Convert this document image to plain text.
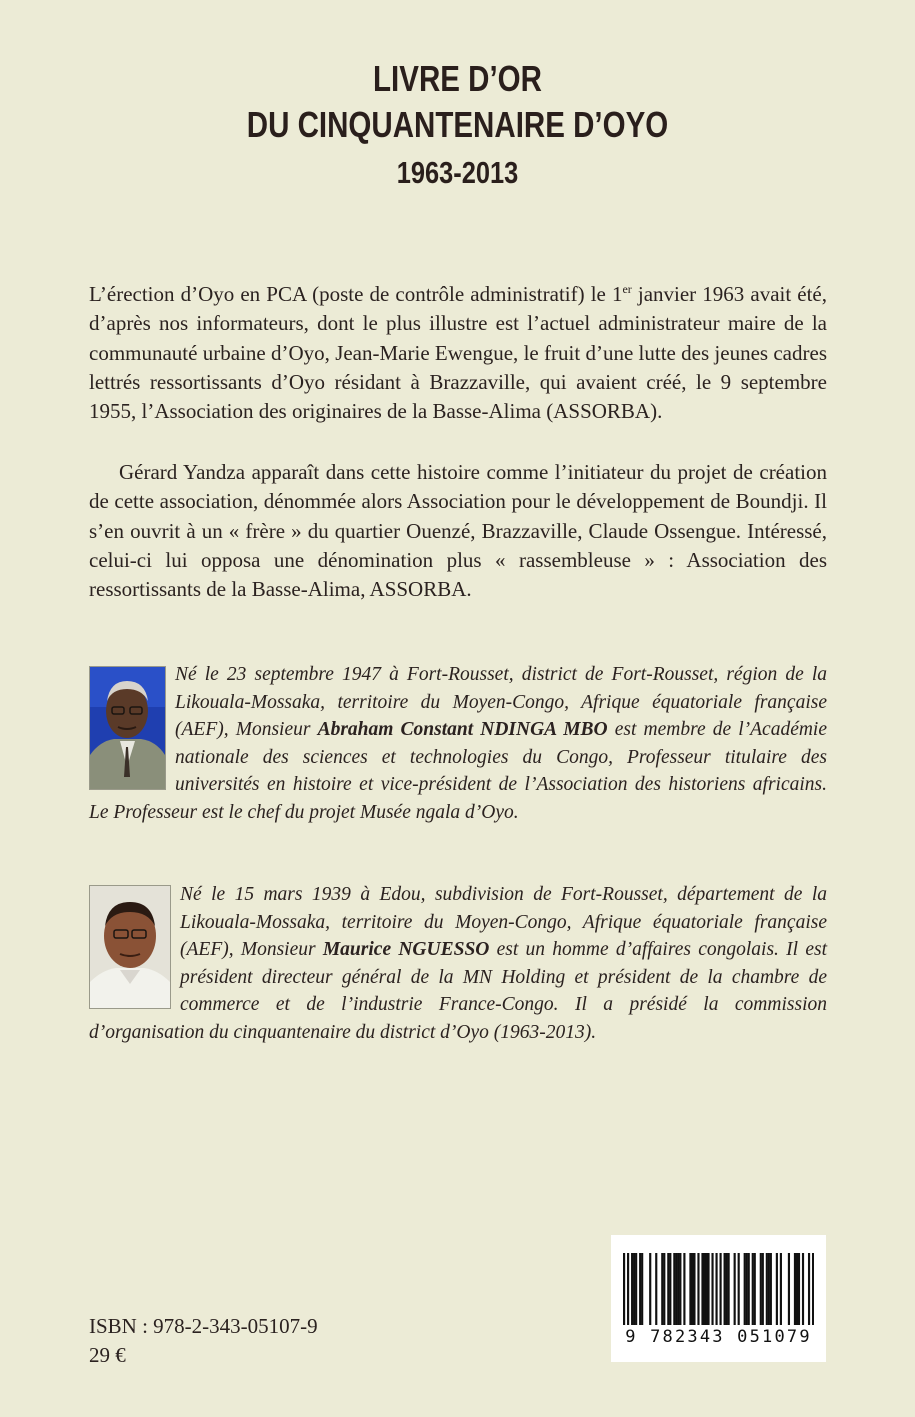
LIVRE D’OR
DU CINQUANTENAIRE D’OYO
1963-2013
L’érection d’Oyo en PCA (poste de contrôle administratif) le 1er janvier 1963 avait été, d’après nos informateurs, dont le plus illustre est l’actuel administrateur maire de la communauté urbaine d’Oyo, Jean-Marie Ewengue, le fruit d’une lutte des jeunes cadres lettrés ressortissants d’Oyo résidant à Brazzaville, qui avaient créé, le 9 septembre 1955, l’Association des originaires de la Basse-Alima (ASSORBA).
Gérard Yandza apparaît dans cette histoire comme l’initiateur du projet de création de cette association, dénommée alors Association pour le développement de Boundji. Il s’en ouvrit à un « frère » du quartier Ouenzé, Brazzaville, Claude Ossengue. Intéressé, celui-ci lui opposa une dénomination plus « rassembleuse » : Association des ressortissants de la Basse-Alima, ASSORBA.
Né le 23 septembre 1947 à Fort-Rousset, district de Fort-Rousset, région de la Likouala-Mossaka, territoire du Moyen-Congo, Afrique équatoriale française (AEF), Monsieur Abraham Constant NDINGA MBO est membre de l’Académie nationale des sciences et technologies du Congo, Professeur titulaire des universités en histoire et vice-président de l’Association des historiens africains. Le Professeur est le chef du projet Musée ngala d’Oyo.
Né le 15 mars 1939 à Edou, subdivision de Fort-Rousset, département de la Likouala-Mossaka, territoire du Moyen-Congo, Afrique équatoriale française (AEF), Monsieur Maurice NGUESSO est un homme d’affaires congolais. Il est président directeur général de la MN Holding et président de la chambre de commerce et de l’industrie France-Congo. Il a présidé la commission d’organisation du cinquantenaire du district d’Oyo (1963-2013).
ISBN : 978-2-343-05107-9
29 €
9 782343 051079
